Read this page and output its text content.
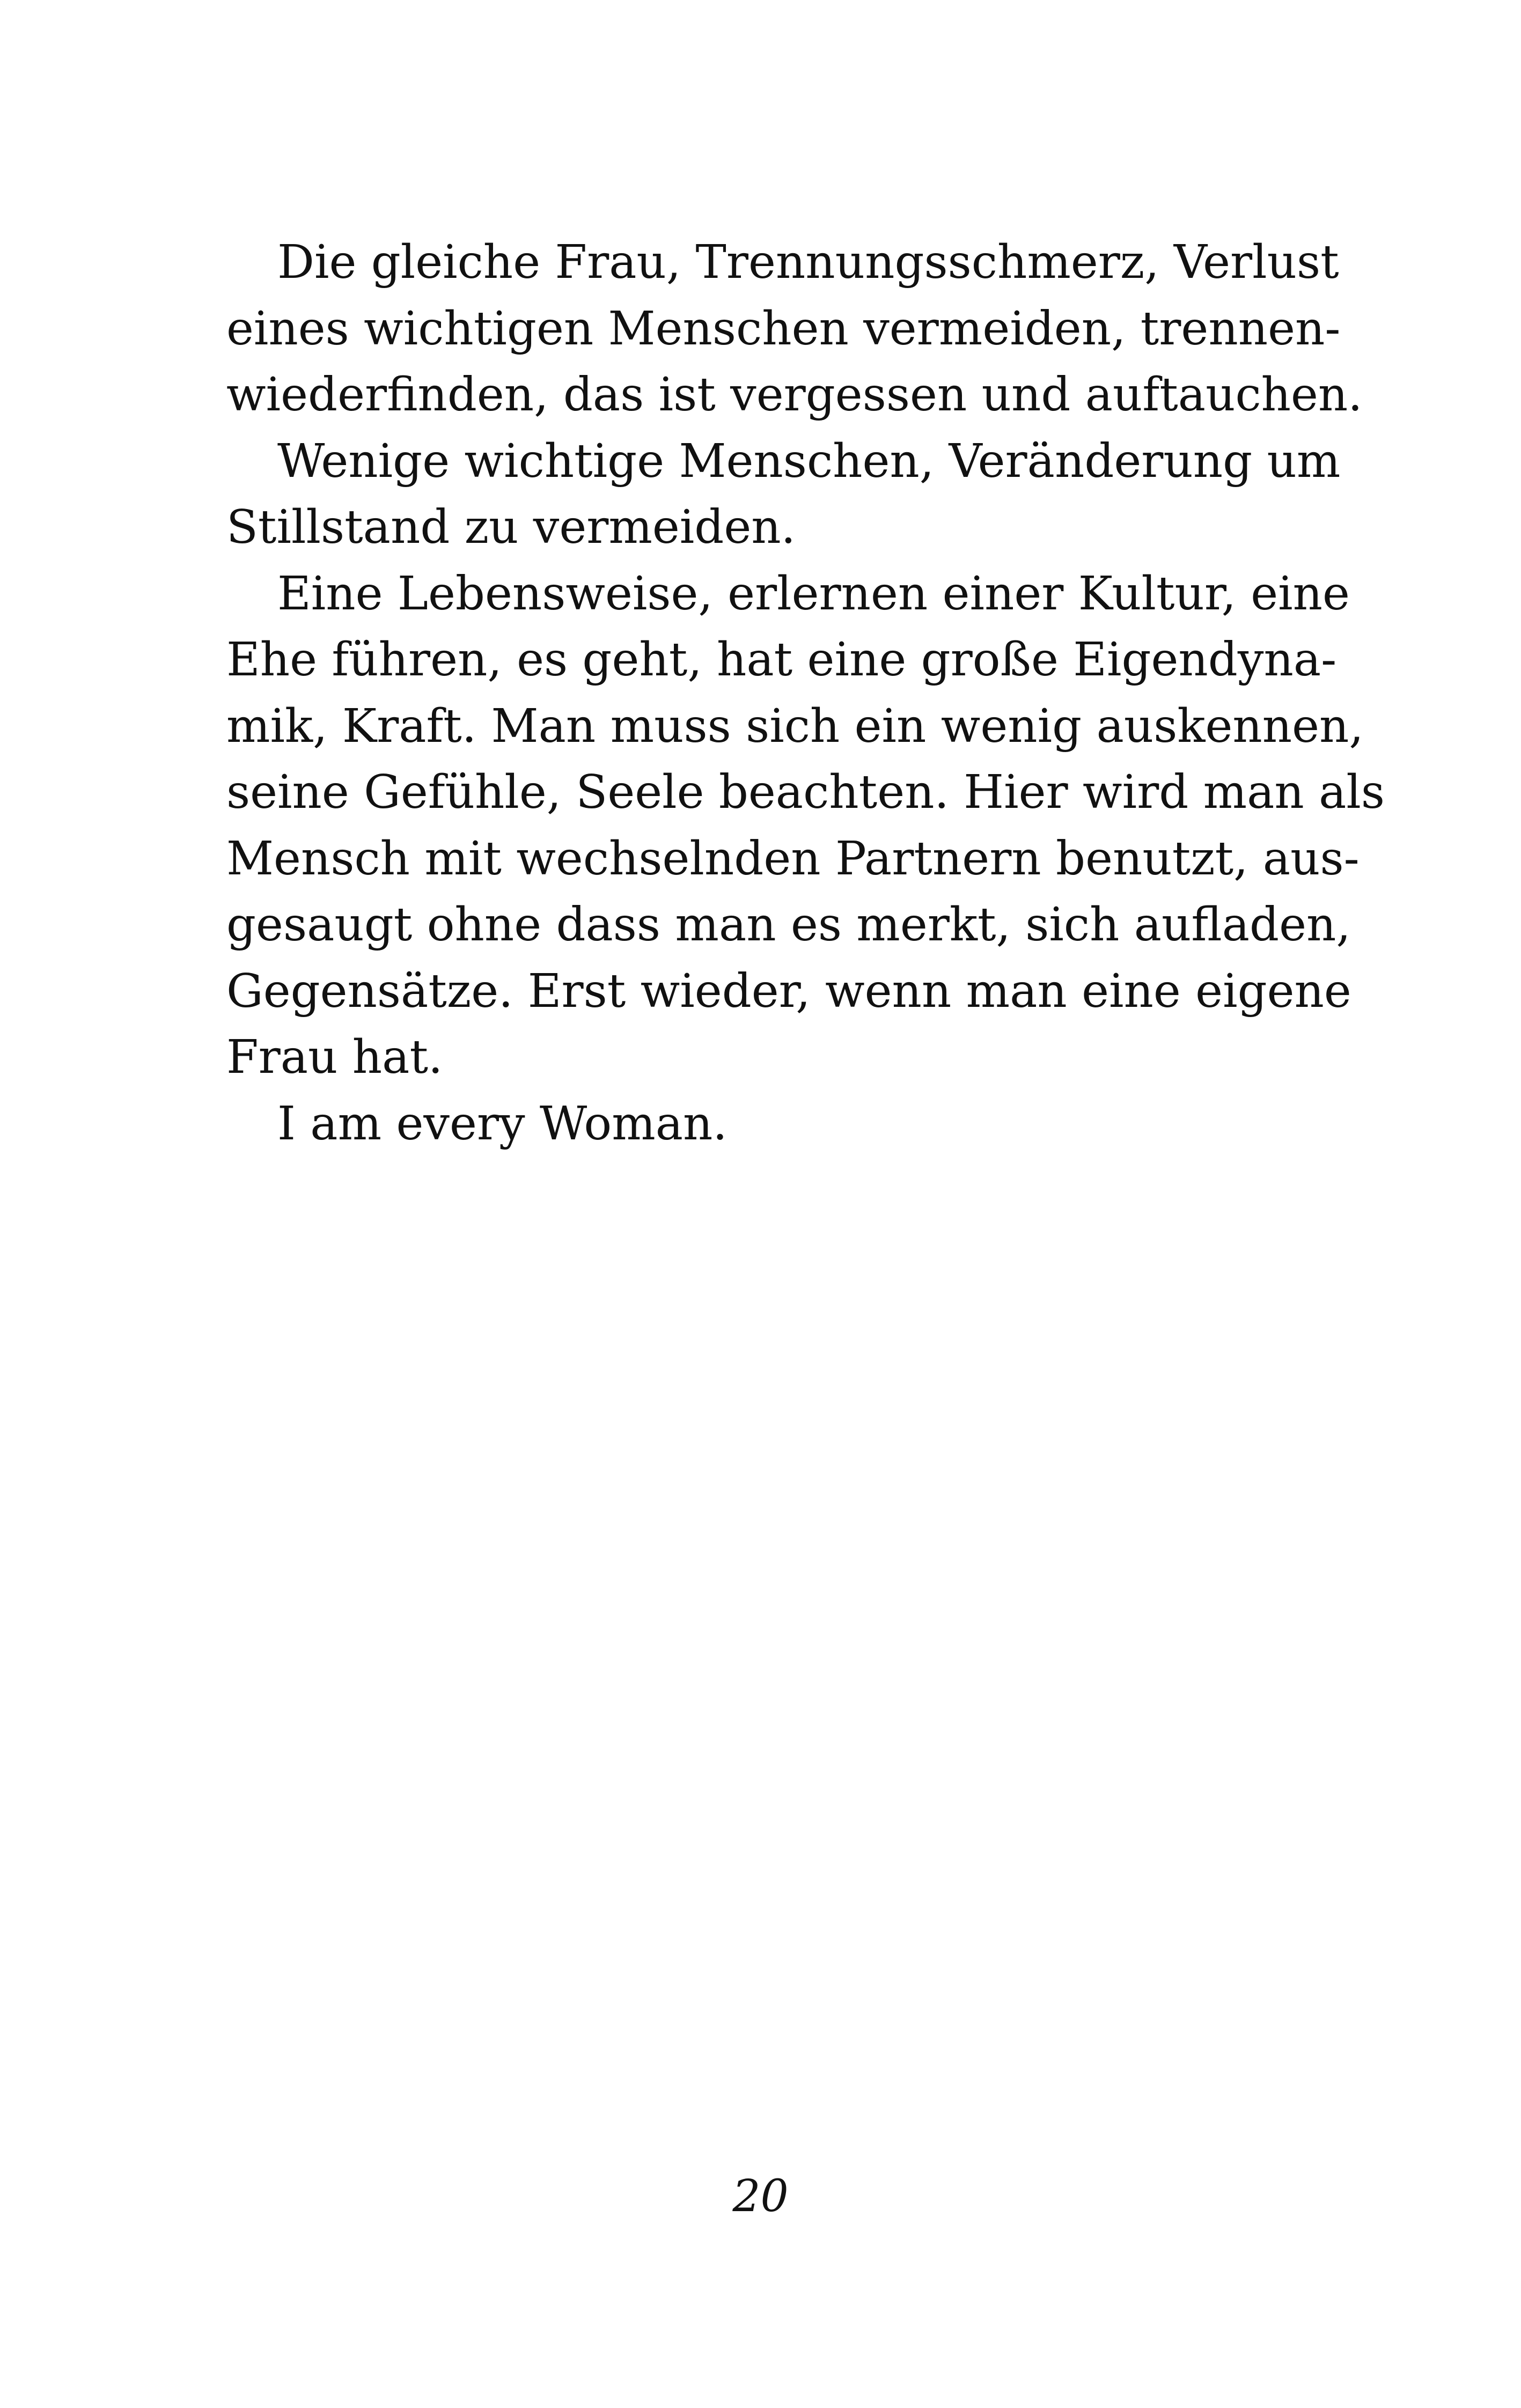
Die gleiche Frau, Trennungsschmerz, Verlust
eines wichtigen Menschen vermeiden, trennen-
wiederfinden, das ist vergessen und auftauchen.
Wenige wichtige Menschen, Veränderung um
Stillstand zu vermeiden.
Eine Lebensweise, erlernen einer Kultur, eine
Ehe führen, es geht, hat eine große Eigendyna-
mik, Kraft. Man muss sich ein wenig auskennen,
seine Gefühle, Seele beachten. Hier wird man als
Mensch mit wechselnden Partnern benutzt, aus-
gesaugt ohne dass man es merkt, sich aufladen,
Gegensätze. Erst wieder, wenn man eine eigene
Frau hat.
I am every Woman.
20
